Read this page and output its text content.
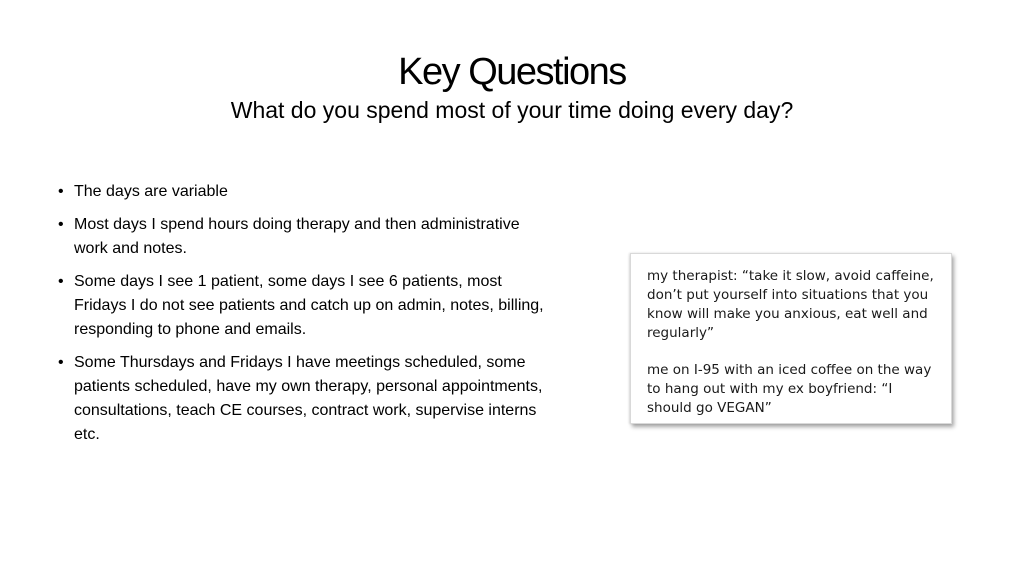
Key Questions
What do you spend most of your time doing every day?
• The days are variable
• Most days I spend hours doing therapy and then administrative work and notes.
• Some days I see 1 patient, some days I see 6 patients, most Fridays I do not see patients and catch up on admin, notes, billing, responding to phone and emails.
• Some Thursdays and Fridays I have meetings scheduled, some patients scheduled, have my own therapy, personal appointments, consultations, teach CE courses, contract work, supervise interns etc.

my therapist: “take it slow, avoid caffeine, don’t put yourself into situations that you know will make you anxious, eat well and regularly”

me on I-95 with an iced coffee on the way to hang out with my ex boyfriend: “I should go VEGAN”
